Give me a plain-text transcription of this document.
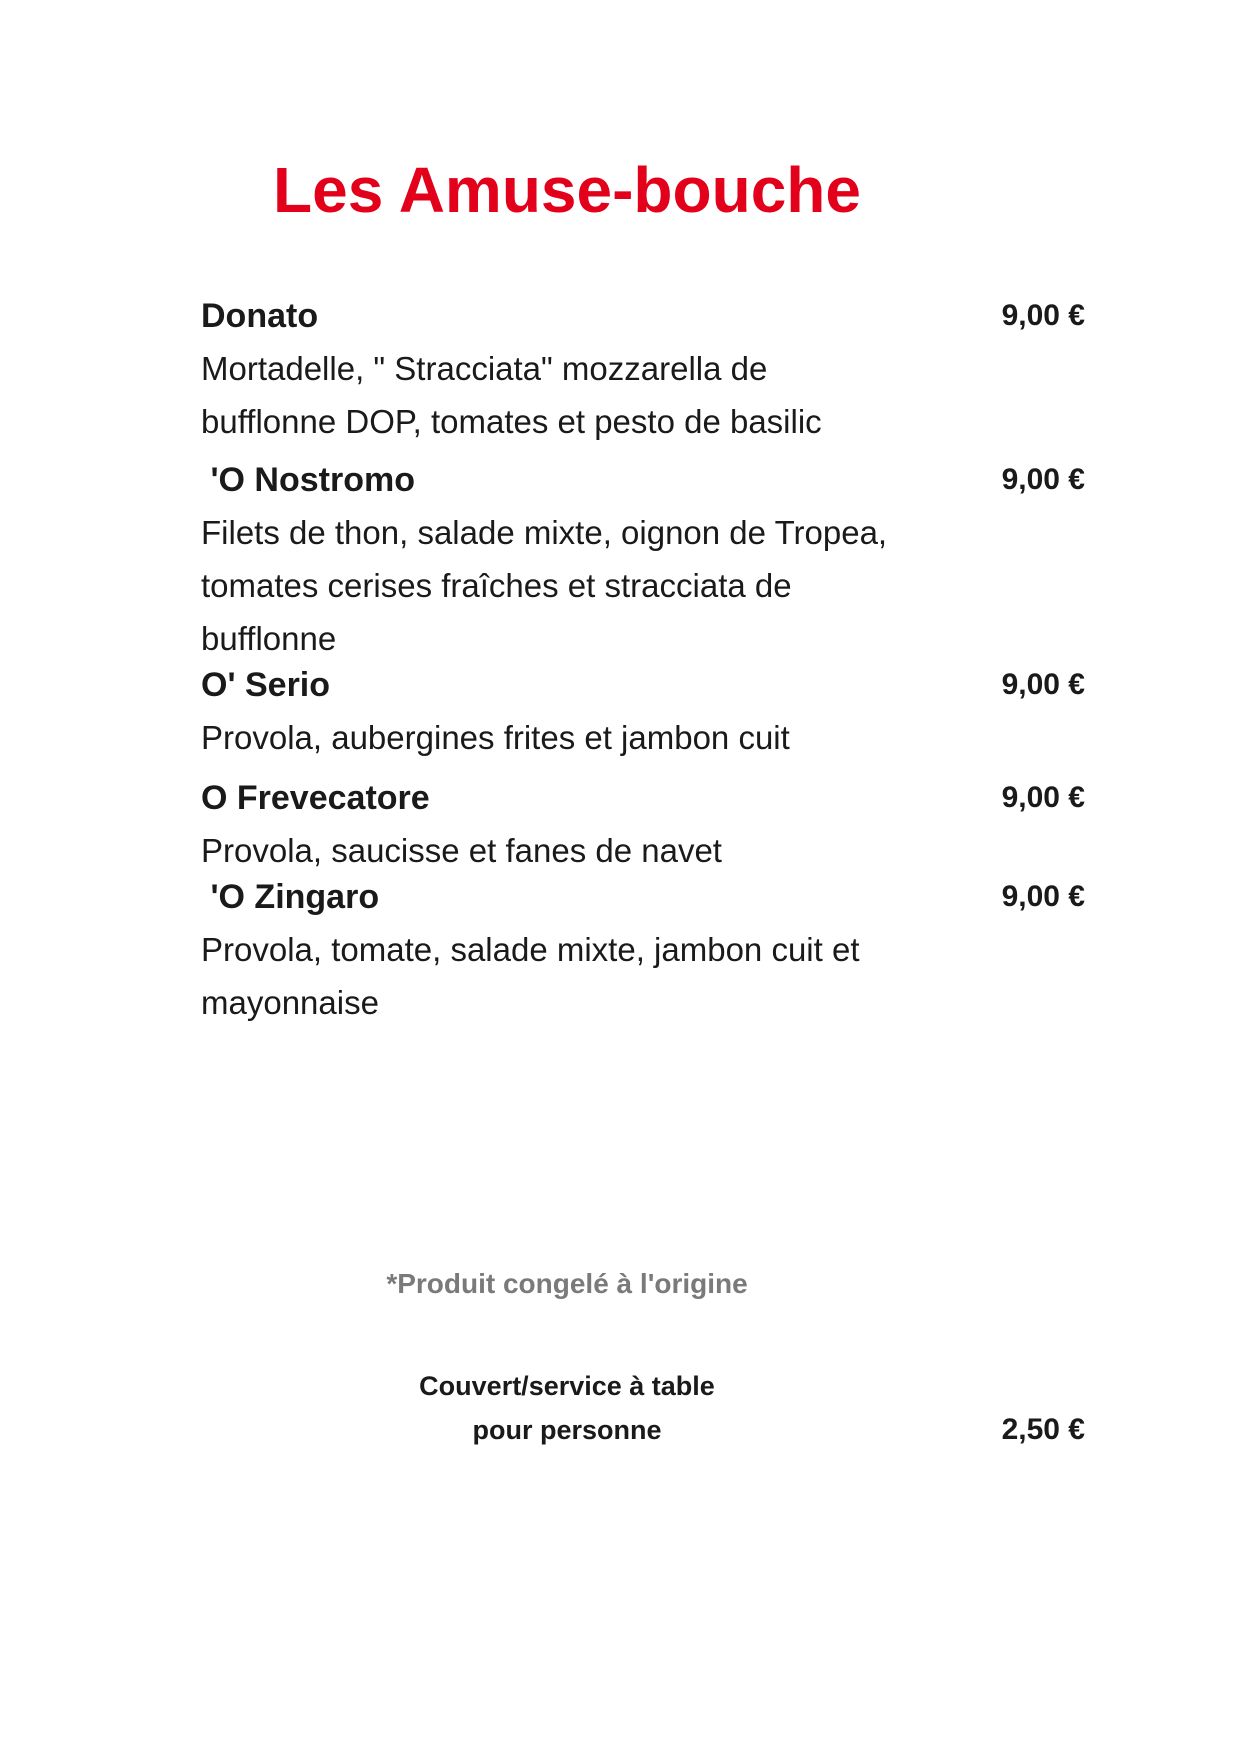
Les Amuse-bouche
Donato	9,00 €
Mortadelle, " Stracciata" mozzarella de bufflonne DOP, tomates et pesto de basilic
'O Nostromo	9,00 €
Filets de thon, salade mixte, oignon de Tropea, tomates cerises fraîches et stracciata de bufflonne
O' Serio	9,00 €
Provola, aubergines frites et jambon cuit
O Frevecatore	9,00 €
Provola, saucisse et fanes de navet
'O Zingaro	9,00 €
Provola, tomate, salade mixte, jambon cuit et mayonnaise
*Produit congelé à l'origine
Couvert/service à table
pour personne	2,50 €
